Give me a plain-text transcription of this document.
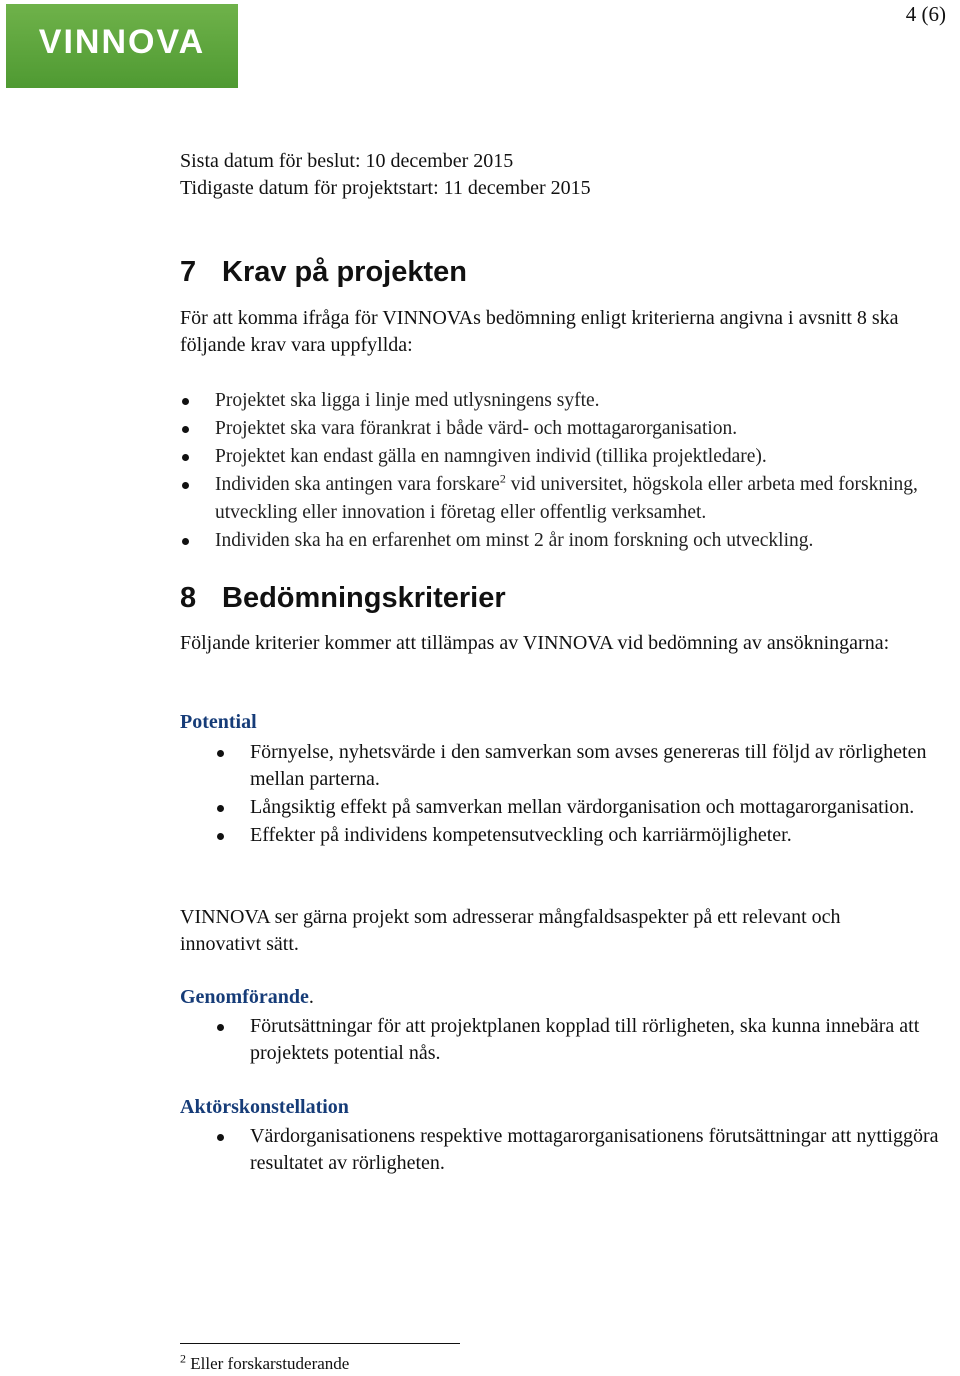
VINNOVA
4 (6)
Sista datum för beslut: 10 december 2015
Tidigaste datum för projektstart: 11 december 2015
7 Krav på projekten

För att komma ifråga för VINNOVAs bedömning enligt kriterierna angivna i avsnitt 8 ska följande krav vara uppfyllda:

Projektet ska ligga i linje med utlysningens syfte.
Projektet ska vara förankrat i både värd- och mottagarorganisation.
Projektet kan endast gälla en namngiven individ (tillika projektledare).
Individen ska antingen vara forskare$^2$ vid universitet, högskola eller arbeta med forskning, utveckling eller innovation i företag eller offentlig verksamhet.
Individen ska ha en erfarenhet om minst 2 år inom forskning och utveckling.
8 Bedömningskriterier

Följande kriterier kommer att tillämpas av VINNOVA vid bedömning av ansökningarna:

Potential
Förnyelse, nyhetsvärde i den samverkan som avses genereras till följd av rörligheten mellan parterna.
Långsiktig effekt på samverkan mellan värdorganisation och mottagarorganisation.
Effekter på individens kompetensutveckling och karriärmöjligheter.

VINNOVA ser gärna projekt som adresserar mångfaldsaspekter på ett relevant och innovativt sätt.

Genomförande.
Förutsättningar för att projektplanen kopplad till rörligheten, ska kunna innebära att projektets potential nås.
Aktörskonstellation
Värdorganisationens respektive mottagarorganisationens förutsättningar att nyttiggöra resultatet av rörligheten.
$^2$ Eller forskarstuderande
